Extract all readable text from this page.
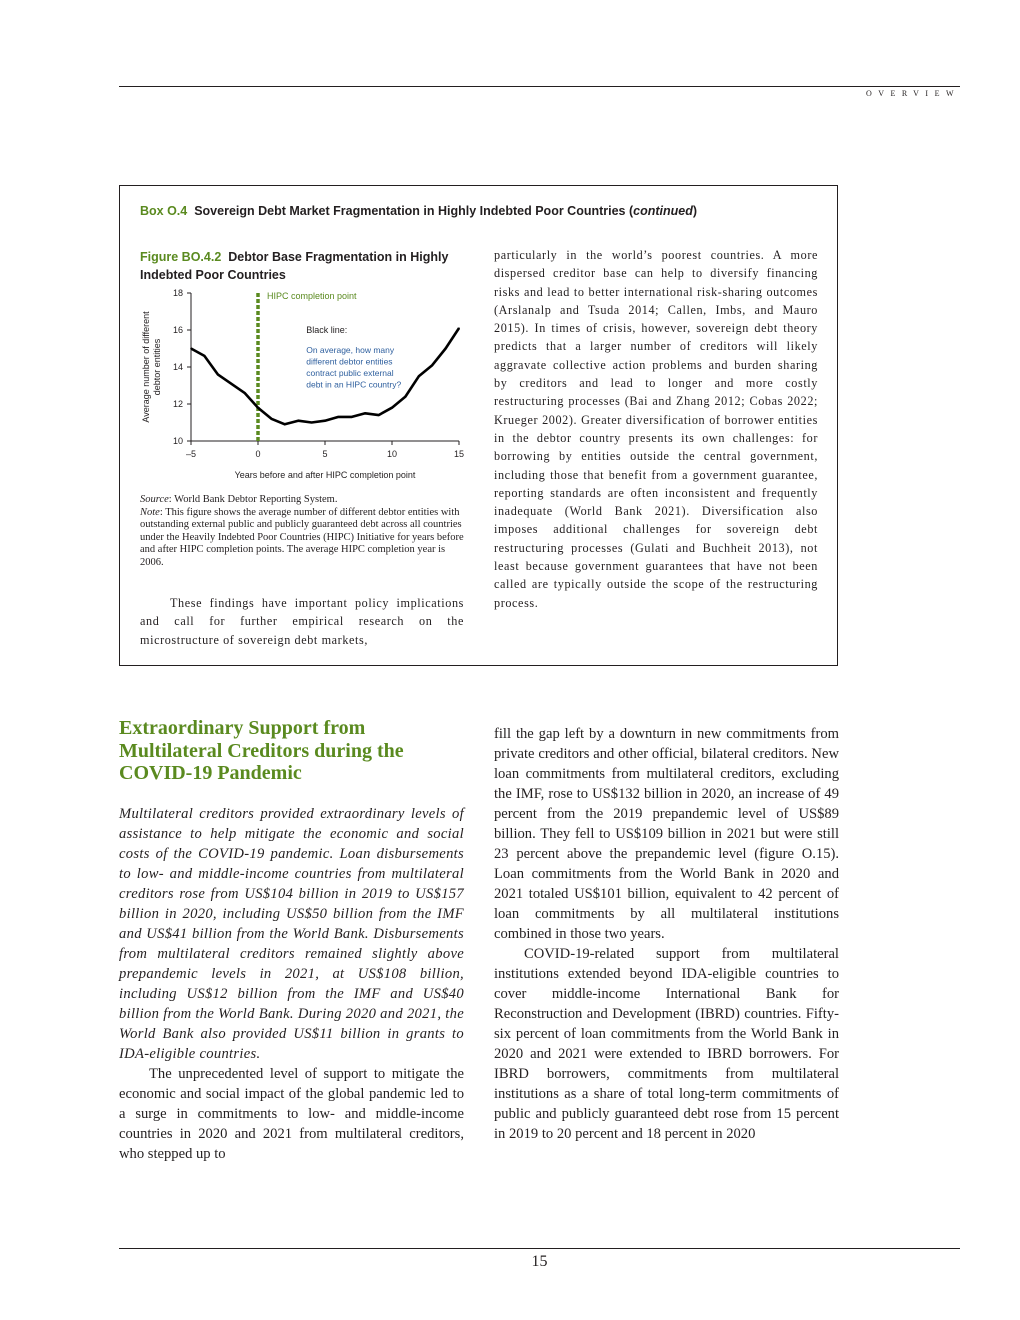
OVERVIEW
Box O.4 Sovereign Debt Market Fragmentation in Highly Indebted Poor Countries (continued)
Figure BO.4.2 Debtor Base Fragmentation in Highly Indebted Poor Countries
10
12
14
16
18
–5	0	5	10	15
Years before and after HIPC completion point
Average number of different debtor entities
HIPC completion point
Black line:
On average, how many
different debtor entities
contract public external
debt in an HIPC country?
Source: World Bank Debtor Reporting System.
Note: This figure shows the average number of different debtor entities with outstanding external public and publicly guaranteed debt across all countries under the Heavily Indebted Poor Countries (HIPC) Initiative for years before and after HIPC completion points. The average HIPC completion year is 2006.
These findings have important policy implications and call for further empirical research on the microstructure of sovereign debt markets,
particularly in the world’s poorest countries. A more dispersed creditor base can help to diversify financing risks and lead to better international risk-sharing outcomes (Arslanalp and Tsuda 2014; Callen, Imbs, and Mauro 2015). In times of crisis, however, sovereign debt theory predicts that a larger number of creditors will likely aggravate collective action problems and burden sharing by creditors and lead to longer and more costly restructuring processes (Bai and Zhang 2012; Cobas 2022; Krueger 2002). Greater diversification of borrower entities in the debtor country presents its own challenges: for borrowing by entities outside the central government, including those that benefit from a government guarantee, reporting standards are often inconsistent and frequently inadequate (World Bank 2021). Diversification also imposes additional challenges for sovereign debt restructuring processes (Gulati and Buchheit 2013), not least because government guarantees that have not been called are typically outside the scope of the restructuring process.
Extraordinary Support from Multilateral Creditors during the COVID-19 Pandemic
Multilateral creditors provided extraordinary levels of assistance to help mitigate the economic and social costs of the COVID-19 pandemic. Loan disbursements to low- and middle-income countries from multilateral creditors rose from US$104 billion in 2019 to US$157 billion in 2020, including US$50 billion from the IMF and US$41 billion from the World Bank. Disbursements from multilateral creditors remained slightly above prepandemic levels in 2021, at US$108 billion, including US$12 billion from the IMF and US$40 billion from the World Bank. During 2020 and 2021, the World Bank also provided US$11 billion in grants to IDA-eligible countries.
The unprecedented level of support to mitigate the economic and social impact of the global pandemic led to a surge in commitments to low- and middle-income countries in 2020 and 2021 from multilateral creditors, who stepped up to
fill the gap left by a downturn in new commitments from private creditors and other official, bilateral creditors. New loan commitments from multilateral creditors, excluding the IMF, rose to US$132 billion in 2020, an increase of 49 percent from the 2019 prepandemic level of US$89 billion. They fell to US$109 billion in 2021 but were still 23 percent above the prepandemic level (figure O.15). Loan commitments from the World Bank in 2020 and 2021 totaled US$101 billion, equivalent to 42 percent of loan commitments by all multilateral institutions combined in those two years.
COVID-19-related support from multilateral institutions extended beyond IDA-eligible countries to cover middle-income International Bank for Reconstruction and Development (IBRD) countries. Fifty-six percent of loan commitments from the World Bank in 2020 and 2021 were extended to IBRD borrowers. For IBRD borrowers, commitments from multilateral institutions as a share of total long-term commitments of public and publicly guaranteed debt rose from 15 percent in 2019 to 20 percent and 18 percent in 2020
15
